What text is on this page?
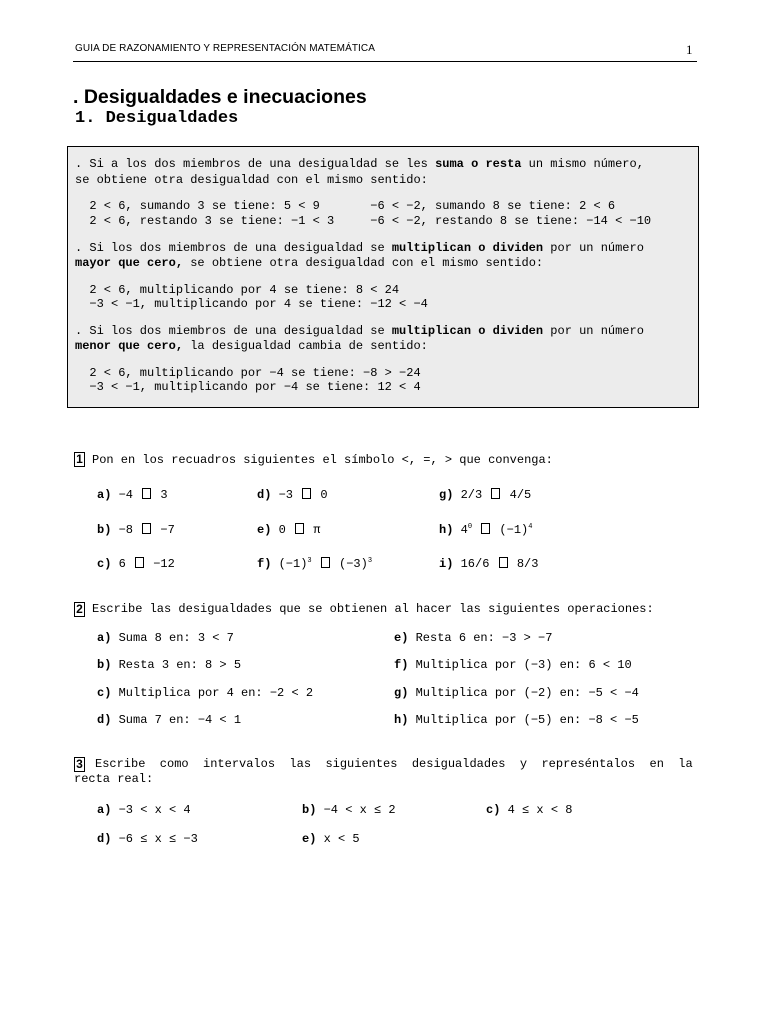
GUIA DE RAZONAMIENTO Y REPRESENTACIÓN MATEMÁTICA	1
. Desigualdades e inecuaciones
1. Desigualdades
. Si a los dos miembros de una desigualdad se les suma o resta un mismo número,
se obtiene otra desigualdad con el mismo sentido:
2 < 6, sumando 3 se tiene: 5 < 9       −6 < −2, sumando 8 se tiene: 2 < 6
2 < 6, restando 3 se tiene: −1 < 3     −6 < −2, restando 8 se tiene: −14 < −10
. Si los dos miembros de una desigualdad se multiplican o dividen por un número
mayor que cero, se obtiene otra desigualdad con el mismo sentido:
2 < 6, multiplicando por 4 se tiene: 8 < 24
−3 < −1, multiplicando por 4 se tiene: −12 < −4
. Si los dos miembros de una desigualdad se multiplican o dividen por un número
menor que cero, la desigualdad cambia de sentido:
2 < 6, multiplicando por −4 se tiene: −8 > −24
−3 < −1, multiplicando por −4 se tiene: 12 < 4
1 Pon en los recuadros siguientes el símbolo <, =, > que convenga:
a) −4 3
b) −8 −7
c) 6 −12
d) −3 0
e) 0 π
f) $(-1)^3$ $(-3)^3$
g) 2/3 4/5
h) $4^0$ $(-1)^4$
i) 16/6 8/3
2 Escribe las desigualdades que se obtienen al hacer las siguientes operaciones:
a) Suma 8 en: 3 < 7
b) Resta 3 en: 8 > 5
c) Multiplica por 4 en: −2 < 2
d) Suma 7 en: −4 < 1
e) Resta 6 en: −3 > −7
f) Multiplica por (−3) en: 6 < 10
g) Multiplica por (−2) en: −5 < −4
h) Multiplica por (−5) en: −8 < −5
3 Escribe  como  intervalos  las  siguientes  desigualdades  y  represéntalos  en  la
recta real:
a) −3 < x < 4	b) −4 < x ≤ 2	c) 4 ≤ x < 8
d) −6 ≤ x ≤ −3	e) x < 5
